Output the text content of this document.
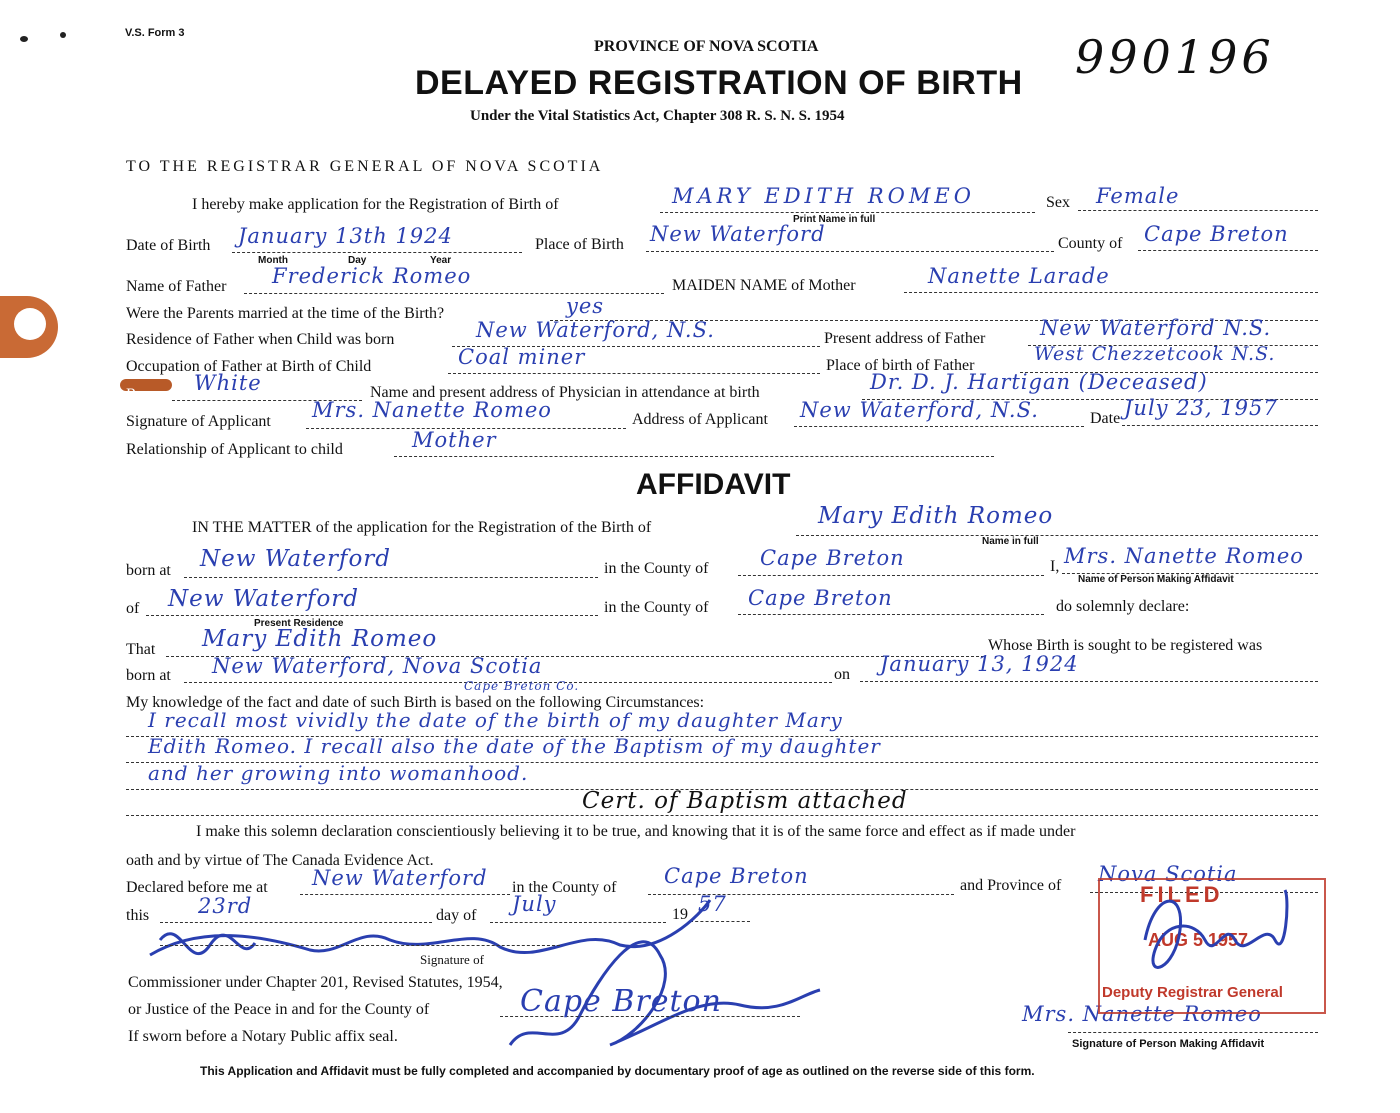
V.S. Form 3
PROVINCE OF NOVA SCOTIA
DELAYED REGISTRATION OF BIRTH
Under the Vital Statistics Act, Chapter 308 R. S. N. S. 1954
990196
TO THE REGISTRAR GENERAL OF NOVA SCOTIA
I hereby make application for the Registration of Birth of	MARY EDITH ROMEO
Print Name in full
Sex Female
Date of Birth January 13th 1924
Month	Day	Year
Place of Birth New Waterford	County of Cape Breton
Name of Father Frederick Romeo	MAIDEN NAME of Mother	Nanette Larade
Were the Parents married at the time of the Birth?	yes
Residence of Father when Child was born	New Waterford, N.S.	Present address of Father	New Waterford N.S.
Occupation of Father at Birth of Child	Coal miner	Place of birth of Father
West Chezzetcook N.S.
Race White	Name and present address of Physician in attendance at birth	Dr. D. J. Hartigan (Deceased)
Signature of Applicant Mrs. Nanette Romeo	Address of Applicant New Waterford, N.S.	Date July 23, 1957
Relationship of Applicant to child	Mother
AFFIDAVIT
IN THE MATTER of the application for the Registration of the Birth of	Mary Edith Romeo
Name in full
born at New Waterford	in the County of Cape Breton	I, Mrs. Nanette Romeo
Name of Person Making Affidavit
of New Waterford
Present Residence
in the County of Cape Breton	do solemnly declare:
That Mary Edith Romeo	Whose Birth is sought to be registered was
born at New Waterford, Nova Scotia
Cape Breton Co.
on January 13, 1924
My knowledge of the fact and date of such Birth is based on the following Circumstances:
I recall most vividly the date of the birth of my daughter Mary
Edith Romeo. I recall also the date of the Baptism of my daughter
and her growing into womanhood.
Cert. of Baptism attached
I make this solemn declaration conscientiously believing it to be true, and knowing that it is of the same force and effect as if made under
oath and by virtue of The Canada Evidence Act.
Declared before me at New Waterford in the County of Cape Breton	and Province of Nova Scotia
this 23rd	day of July	19 57
Signature of
Commissioner under Chapter 201, Revised Statutes, 1954,
or Justice of the Peace in and for the County of	Cape Breton
If sworn before a Notary Public affix seal.
Mrs. Nanette Romeo
Signature of Person Making Affidavit
FILED
AUG 5 1957
Deputy Registrar General
This Application and Affidavit must be fully completed and accompanied by documentary proof of age as outlined on the reverse side of this form.
